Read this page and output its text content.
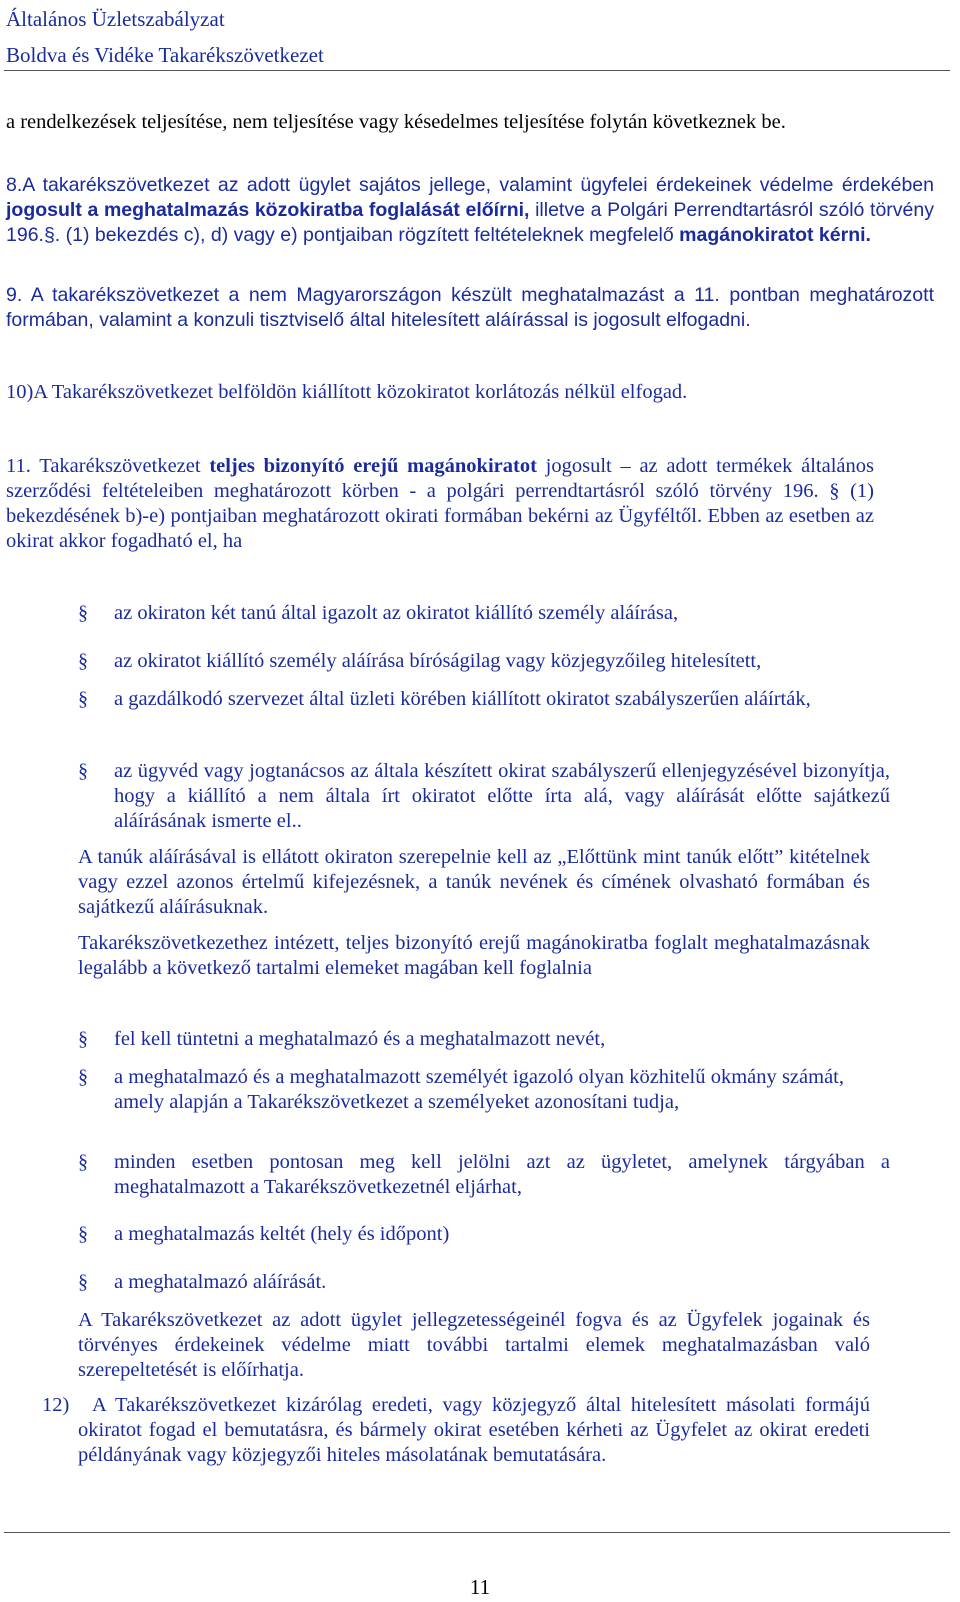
Általános Üzletszabályzat
Boldva és Vidéke Takarékszövetkezet
a rendelkezések teljesítése, nem teljesítése vagy késedelmes teljesítése folytán következnek be.
8.A takarékszövetkezet az adott ügylet sajátos jellege, valamint ügyfelei érdekeinek védelme érdekében jogosult a meghatalmazás közokiratba foglalását előírni, illetve a Polgári Perrendtartásról szóló törvény 196.§. (1) bekezdés c), d) vagy e) pontjaiban rögzített feltételeknek megfelelő magánokiratot kérni.
9. A takarékszövetkezet a nem Magyarországon készült meghatalmazást a 11. pontban meghatározott formában, valamint a konzuli tisztviselő által hitelesített aláírással is jogosult elfogadni.
10)A Takarékszövetkezet belföldön kiállított közokiratot korlátozás nélkül elfogad.
11. Takarékszövetkezet teljes bizonyító erejű magánokiratot jogosult – az adott termékek általános szerződési feltételeiben meghatározott körben - a polgári perrendtartásról szóló törvény 196. § (1) bekezdésének b)-e) pontjaiban meghatározott okirati formában bekérni az Ügyféltől. Ebben az esetben az okirat akkor fogadható el, ha
§ az okiraton két tanú által igazolt az okiratot kiállító személy aláírása,
§ az okiratot kiállító személy aláírása bíróságilag vagy közjegyzőileg hitelesített,
§ a gazdálkodó szervezet által üzleti körében kiállított okiratot szabályszerűen aláírták,
§ az ügyvéd vagy jogtanácsos az általa készített okirat szabályszerű ellenjegyzésével bizonyítja, hogy a kiállító a nem általa írt okiratot előtte írta alá, vagy aláírását előtte sajátkezű aláírásának ismerte el..
A tanúk aláírásával is ellátott okiraton szerepelnie kell az „Előttünk mint tanúk előtt” kitételnek vagy ezzel azonos értelmű kifejezésnek, a tanúk nevének és címének olvasható formában és sajátkezű aláírásuknak.
Takarékszövetkezethez intézett, teljes bizonyító erejű magánokiratba foglalt meghatalmazásnak legalább a következő tartalmi elemeket magában kell foglalnia
§ fel kell tüntetni a meghatalmazó és a meghatalmazott nevét,
§ a meghatalmazó és a meghatalmazott személyét igazoló olyan közhitelű okmány számát, amely alapján a Takarékszövetkezet a személyeket azonosítani tudja,
§ minden esetben pontosan meg kell jelölni azt az ügyletet, amelynek tárgyában a meghatalmazott a Takarékszövetkezetnél eljárhat,
§ a meghatalmazás keltét (hely és időpont)
§ a meghatalmazó aláírását.
A Takarékszövetkezet az adott ügylet jellegzetességeinél fogva és az Ügyfelek jogainak és törvényes érdekeinek védelme miatt további tartalmi elemek meghatalmazásban való szerepeltetését is előírhatja.
12)	A Takarékszövetkezet kizárólag eredeti, vagy közjegyző által hitelesített másolati formájú okiratot fogad el bemutatásra, és bármely okirat esetében kérheti az Ügyfelet az okirat eredeti példányának vagy közjegyzői hiteles másolatának bemutatására.
11
